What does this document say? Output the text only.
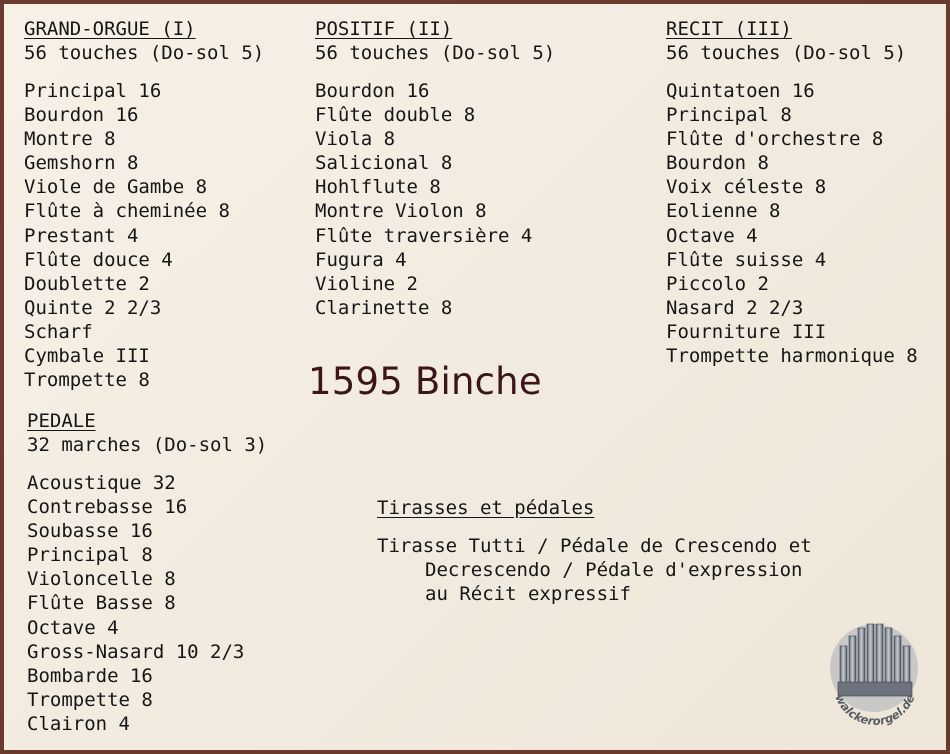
GRAND-ORGUE (I)
56 touches (Do-sol 5)
Principal 16
Bourdon 16
Montre 8
Gemshorn 8
Viole de Gambe 8
Flûte à cheminée 8
Prestant 4
Flûte douce 4
Doublette 2
Quinte 2 2/3
Scharf
Cymbale III
Trompette 8
POSITIF (II)
56 touches (Do-sol 5)
Bourdon 16
Flûte double 8
Viola 8
Salicional 8
Hohlflute 8
Montre Violon 8
Flûte traversière 4
Fugura 4
Violine 2
Clarinette 8
RECIT (III)
56 touches (Do-sol 5)
Quintatoen 16
Principal 8
Flûte d'orchestre 8
Bourdon 8
Voix céleste 8
Eolienne 8
Octave 4
Flûte suisse 4
Piccolo 2
Nasard 2 2/3
Fourniture III
Trompette harmonique 8
1595 Binche
PEDALE
32 marches (Do-sol 3)
Acoustique 32
Contrebasse 16
Soubasse 16
Principal 8
Violoncelle 8
Flûte Basse 8
Octave 4
Gross-Nasard 10 2/3
Bombarde 16
Trompette 8
Clairon 4
Tirasses et pédales
Tirasse Tutti / Pédale de Crescendo et
Decrescendo / Pédale d'expression
au Récit expressif
walckerorgel.de
